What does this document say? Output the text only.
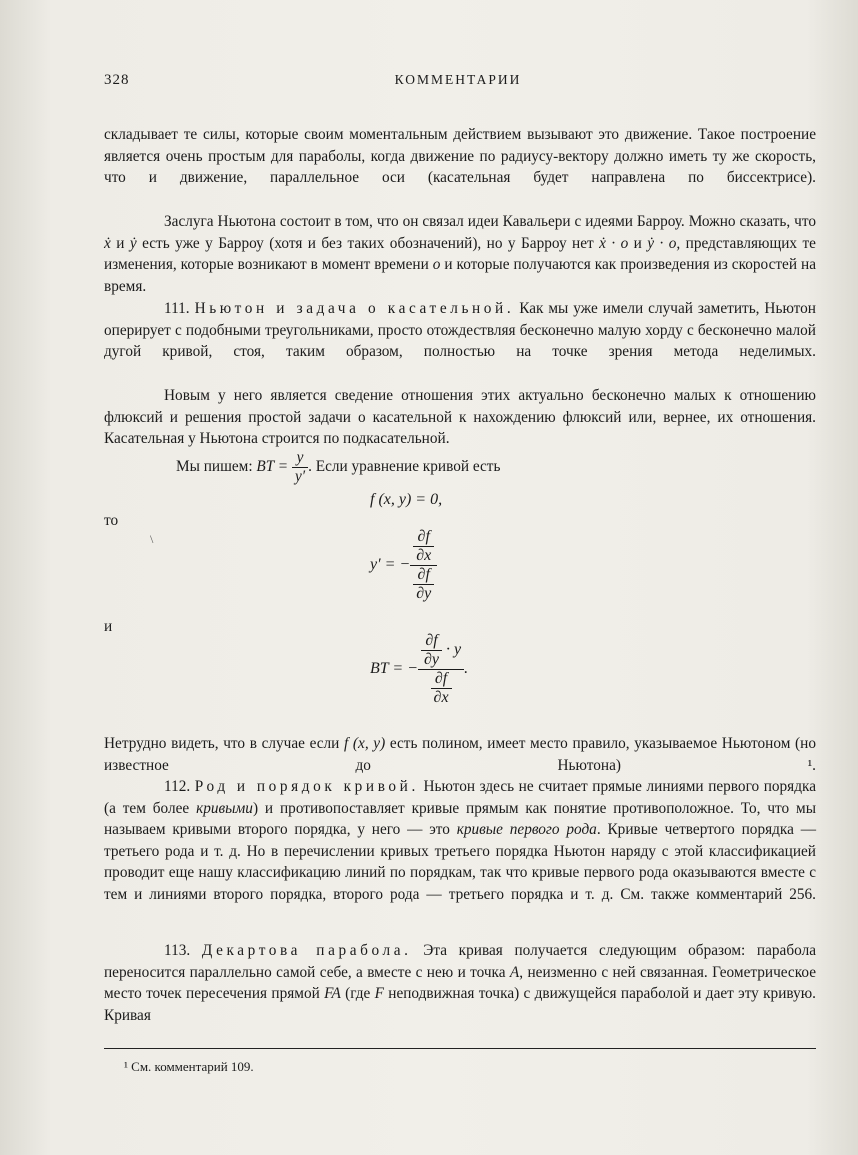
328	КОММЕНТАРИИ
складывает те силы, которые своим моментальным действием вызывают это движение. Такое построение является очень простым для параболы, когда движение по радиусу-вектору должно иметь ту же скорость, что и движение, параллельное оси (касательная будет направлена по биссектрисе).
Заслуга Ньютона состоит в том, что он связал идеи Кавальери с идеями Барроу. Можно сказать, что ẋ и ẏ есть уже у Барроу (хотя и без таких обозначений), но у Барроу нет ẋ · o и ẏ · o, представляющих те изменения, которые возникают в момент времени o и которые получаются как произведения из скоростей на время.
111. Ньютон и задача о касательной. Как мы уже имели случай заметить, Ньютон оперирует с подобными треугольниками, просто отождествляя бесконечно малую хорду с бесконечно малой дугой кривой, стоя, таким образом, полностью на точке зрения метода неделимых.
Новым у него является сведение отношения этих актуально бесконечно малых к отношению флюксий и решения простой задачи о касательной к нахождению флюксий или, вернее, их отношения. Касательная у Ньютона строится по подкасательной.
Мы пишем: BT = $\frac{y}{y'}$ . Если уравнение кривой есть
f (x, y) = 0,
то
\
y′ = − $\frac{\frac{\partial f}{\partial x}}{\frac{\partial f}{\partial y}}$
и
BT = − $\frac{\frac{\partial f}{\partial y} \cdot y}{\frac{\partial f}{\partial x}}$ .
Нетрудно видеть, что в случае если f (x, y) есть полином, имеет место правило, указываемое Ньютоном (но известное до Ньютона) ¹.
112. Род и порядок кривой. Ньютон здесь не считает прямые линиями первого порядка (а тем более кривыми) и противопоставляет кривые прямым как понятие противоположное. То, что мы называем кривыми второго порядка, у него — это кривые первого рода. Кривые четвертого порядка — третьего рода и т. д. Но в перечислении кривых третьего порядка Ньютон наряду с этой классификацией проводит еще нашу классификацию линий по порядкам, так что кривые первого рода оказываются вместе с тем и линиями второго порядка, второго рода — третьего порядка и т. д. См. также комментарий 256.
113. Декартова парабола. Эта кривая получается следующим образом: парабола переносится параллельно самой себе, а вместе с нею и точка A, неизменно с ней связанная. Геометрическое место точек пересечения прямой FA (где F неподвижная точка) с движущейся параболой и дает эту кривую. Кривая
¹ См. комментарий 109.
